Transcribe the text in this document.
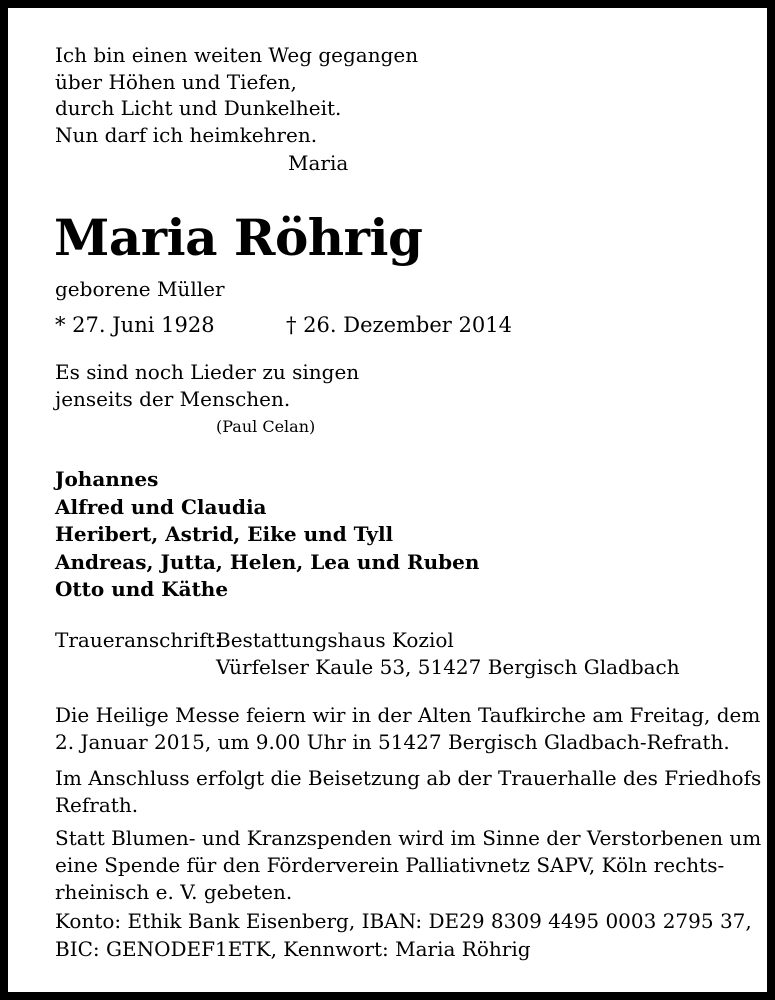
Ich bin einen weiten Weg gegangen
über Höhen und Tiefen,
durch Licht und Dunkelheit.
Nun darf ich heimkehren.
Maria
Maria Röhrig
geborene Müller
* 27. Juni 1928	† 26. Dezember 2014
Es sind noch Lieder zu singen
jenseits der Menschen.
(Paul Celan)
Johannes
Alfred und Claudia
Heribert, Astrid, Eike und Tyll
Andreas, Jutta, Helen, Lea und Ruben
Otto und Käthe
Traueranschrift:
Bestattungshaus Koziol
Vürfelser Kaule 53, 51427 Bergisch Gladbach
Die Heilige Messe feiern wir in der Alten Taufkirche am Freitag, dem
2. Januar 2015, um 9.00 Uhr in 51427 Bergisch Gladbach-Refrath.
Im Anschluss erfolgt die Beisetzung ab der Trauerhalle des Friedhofs
Refrath.
Statt Blumen- und Kranzspenden wird im Sinne der Verstorbenen um
eine Spende für den Förderverein Palliativnetz SAPV, Köln rechts-
rheinisch e. V. gebeten.
Konto: Ethik Bank Eisenberg, IBAN: DE29 8309 4495 0003 2795 37,
BIC: GENODEF1ETK, Kennwort: Maria Röhrig
